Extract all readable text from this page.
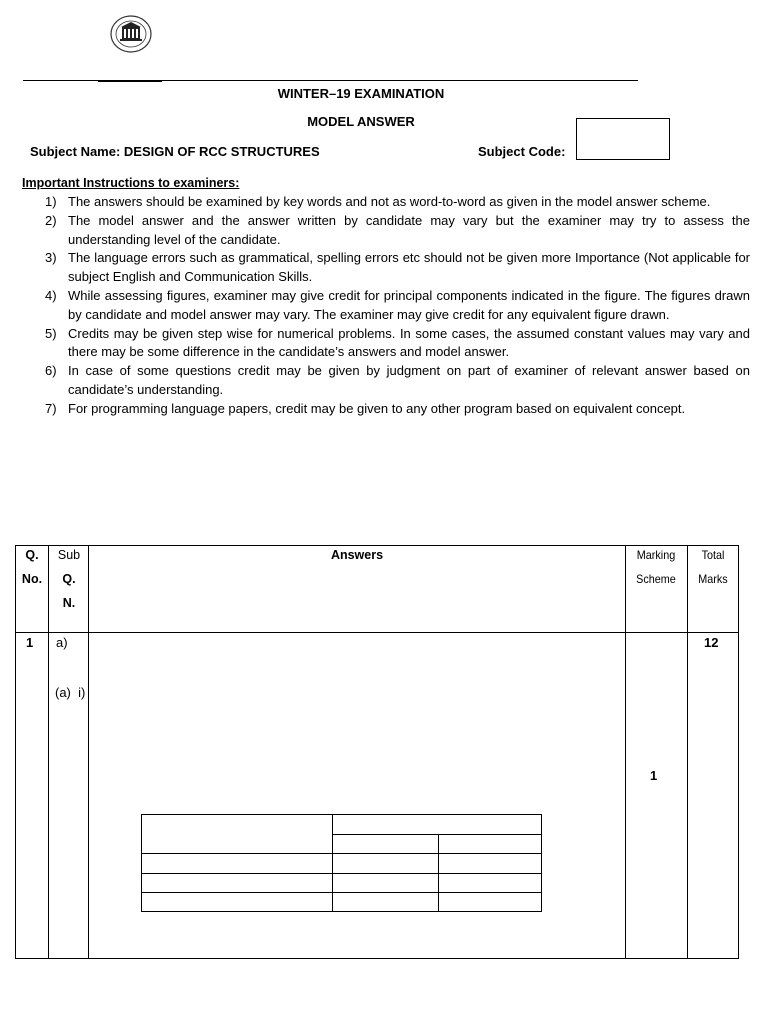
WINTER–19 EXAMINATION
MODEL ANSWER
Subject Name: DESIGN OF RCC STRUCTURES	Subject Code:
Important Instructions to examiners:
1) The answers should be examined by key words and not as word-to-word as given in the model answer scheme.
2) The model answer and the answer written by candidate may vary but the examiner may try to assess the understanding level of the candidate.
3) The language errors such as grammatical, spelling errors etc should not be given more Importance (Not applicable for subject English and Communication Skills.
4) While assessing figures, examiner may give credit for principal components indicated in the figure. The figures drawn by candidate and model answer may vary. The examiner may give credit for any equivalent figure drawn.
5) Credits may be given step wise for numerical problems. In some cases, the assumed constant values may vary and there may be some difference in the candidate’s answers and model answer.
6) In case of some questions credit may be given by judgment on part of examiner of relevant answer based on candidate’s understanding.
7) For programming language papers, credit may be given to any other program based on equivalent concept.
Q.
No.
Sub
Q.
N.
Answers	Marking
Scheme
Total
Marks
1 a)
(a)  i)
1
12
